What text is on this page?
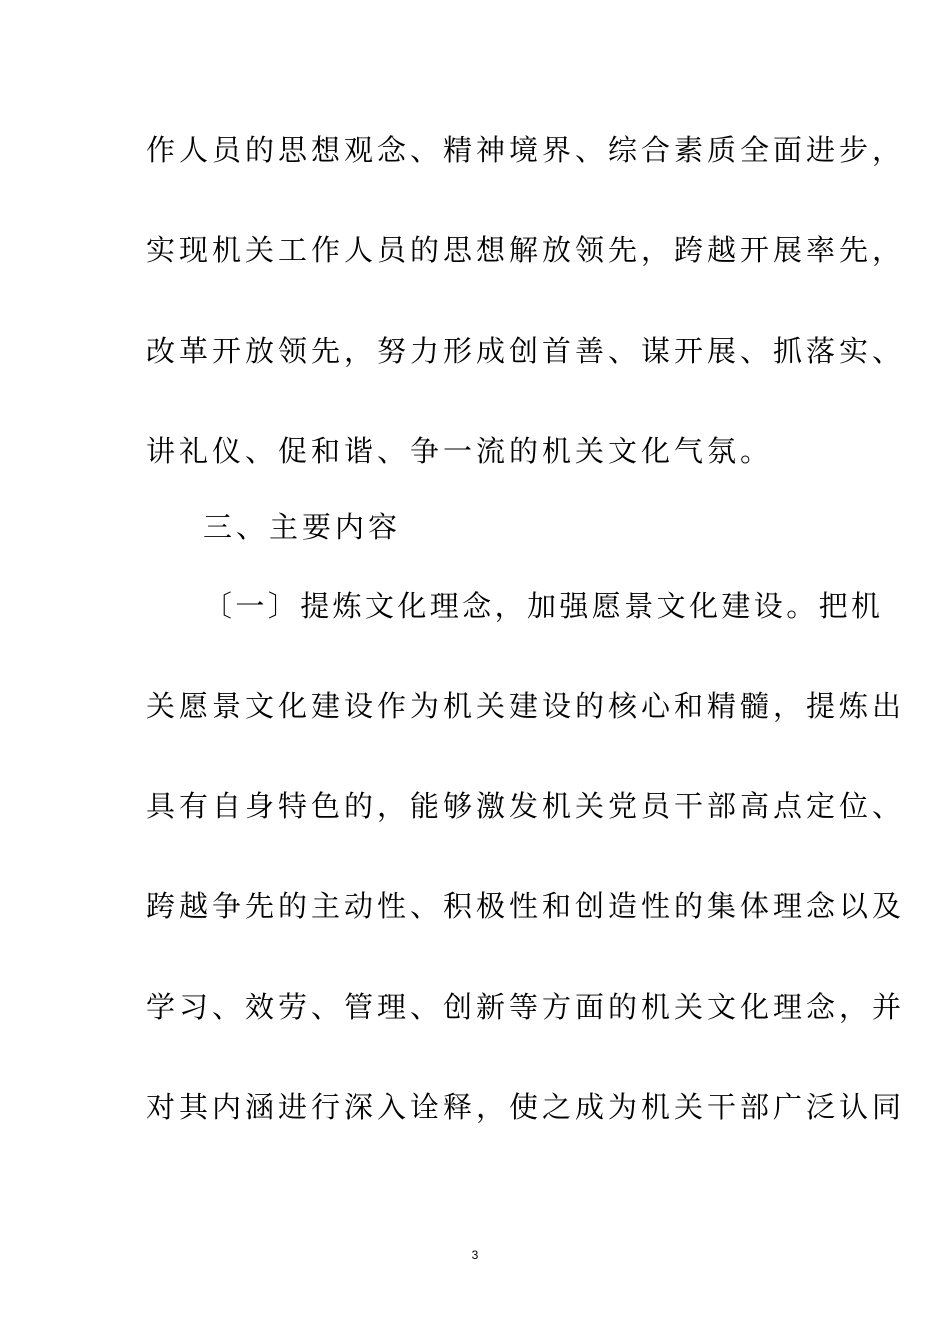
作人员的思想观念、精神境界、综合素质全面进步，
实现机关工作人员的思想解放领先，跨越开展率先，
改革开放领先，努力形成创首善、谋开展、抓落实、
讲礼仪、促和谐、争一流的机关文化气氛。
三、主要内容
〔一〕提炼文化理念，加强愿景文化建设。把机
关愿景文化建设作为机关建设的核心和精髓，提炼出
具有自身特色的，能够激发机关党员干部高点定位、
跨越争先的主动性、积极性和创造性的集体理念以及
学习、效劳、管理、创新等方面的机关文化理念，并
对其内涵进行深入诠释，使之成为机关干部广泛认同
3
